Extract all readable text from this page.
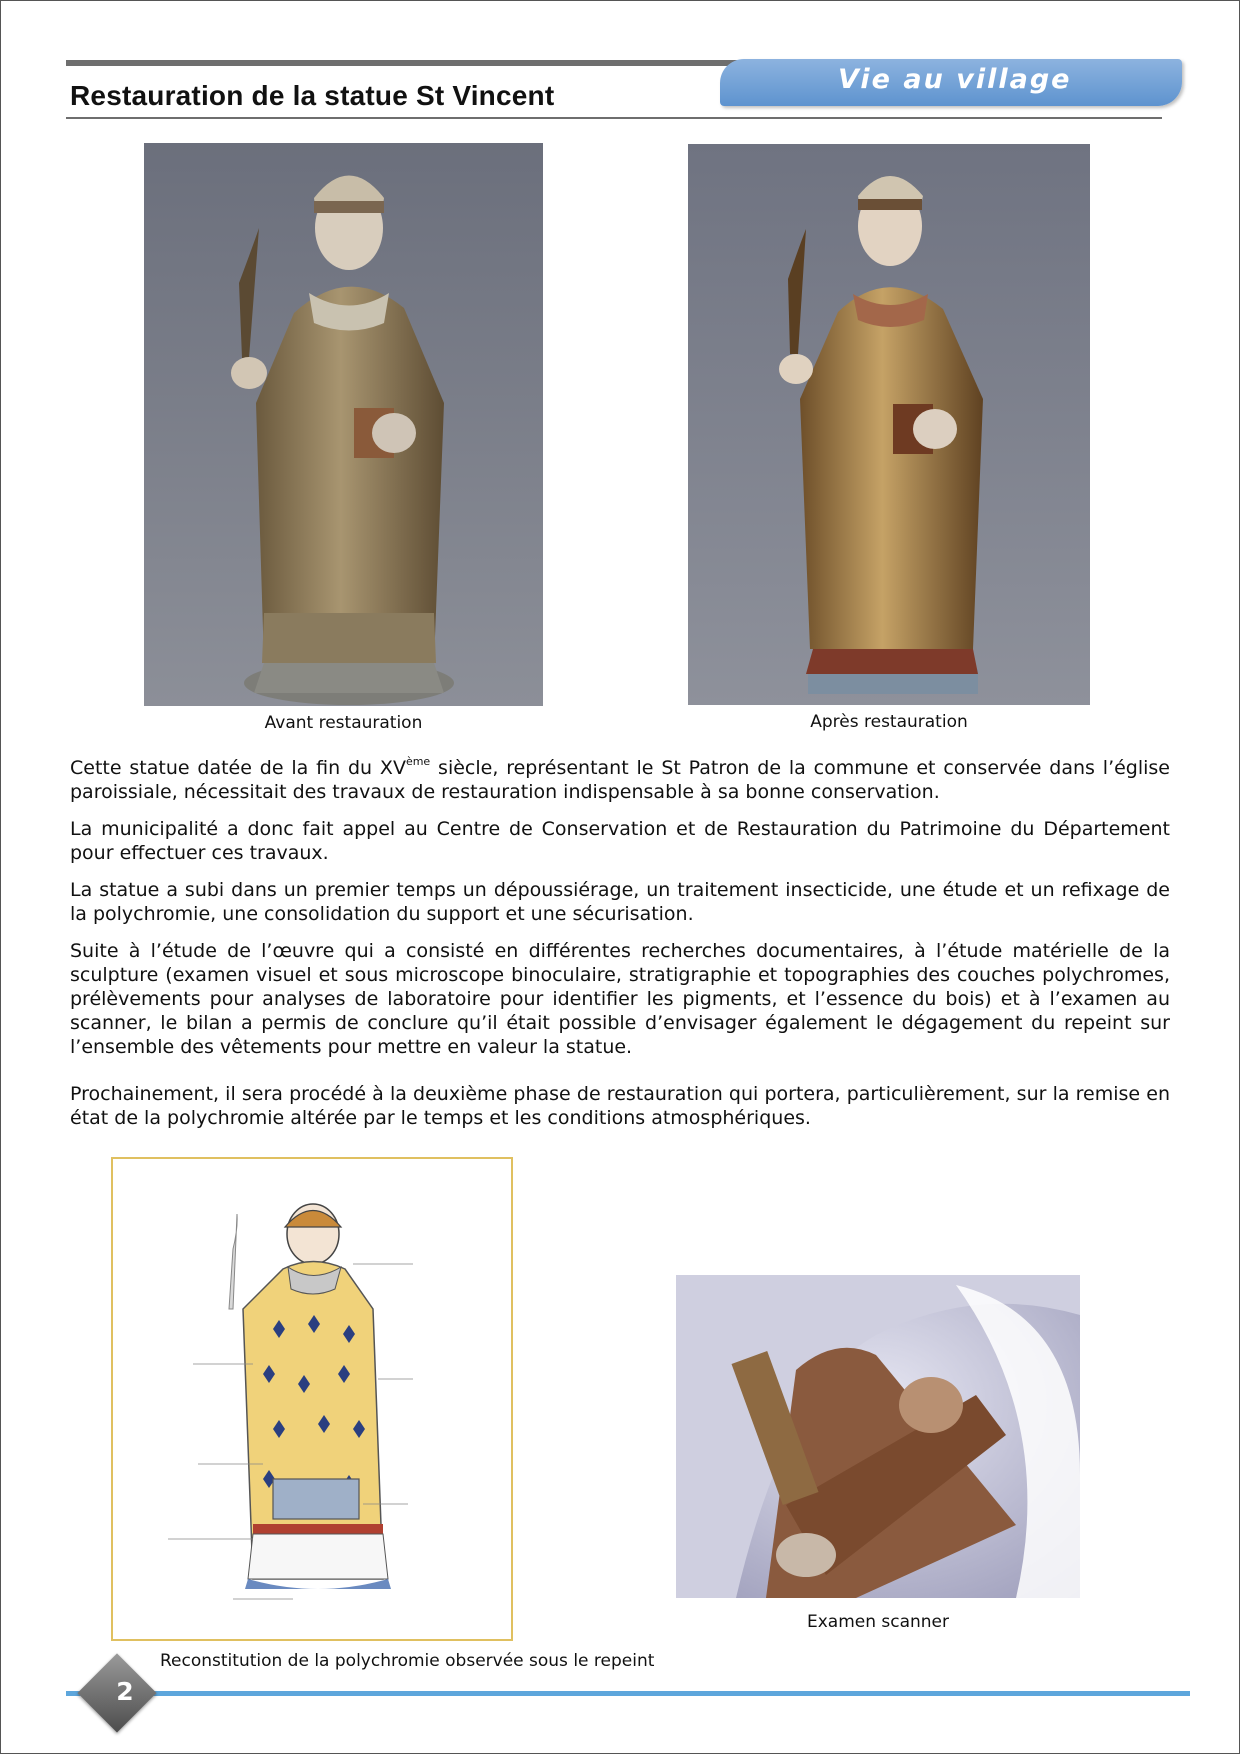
Vie au village
Restauration de la statue St Vincent
Avant restauration	Après restauration

Cette statue datée de la fin du XVème siècle, représentant le St Patron de la commune et conservée dans l’église paroissiale, nécessitait des travaux de restauration indispensable à sa bonne conservation.

La municipalité a donc fait appel au Centre de Conservation et de Restauration du Patrimoine du Département pour effectuer ces travaux.

La statue a subi dans un premier temps un dépoussiérage, un traitement insecticide, une étude et un refixage de la polychromie, une consolidation du support et une sécurisation.

Suite à l’étude de l’œuvre qui a consisté en différentes recherches documentaires, à l’étude matérielle de la sculpture (examen visuel et sous microscope binoculaire, stratigraphie et topographies des couches polychromes, prélèvements pour analyses de laboratoire pour identifier les pigments, et l’essence du bois) et à l’examen au scanner, le bilan a permis de conclure qu’il était possible d’envisager également le dégagement du repeint sur l’ensemble des vêtements pour mettre en valeur la statue.

Prochainement, il sera procédé à la deuxième phase de restauration qui portera, particulièrement, sur la remise en état de la polychromie altérée par le temps et les conditions atmosphériques.

Reconstitution de la polychromie observée sous le repeint
Examen scanner
2
